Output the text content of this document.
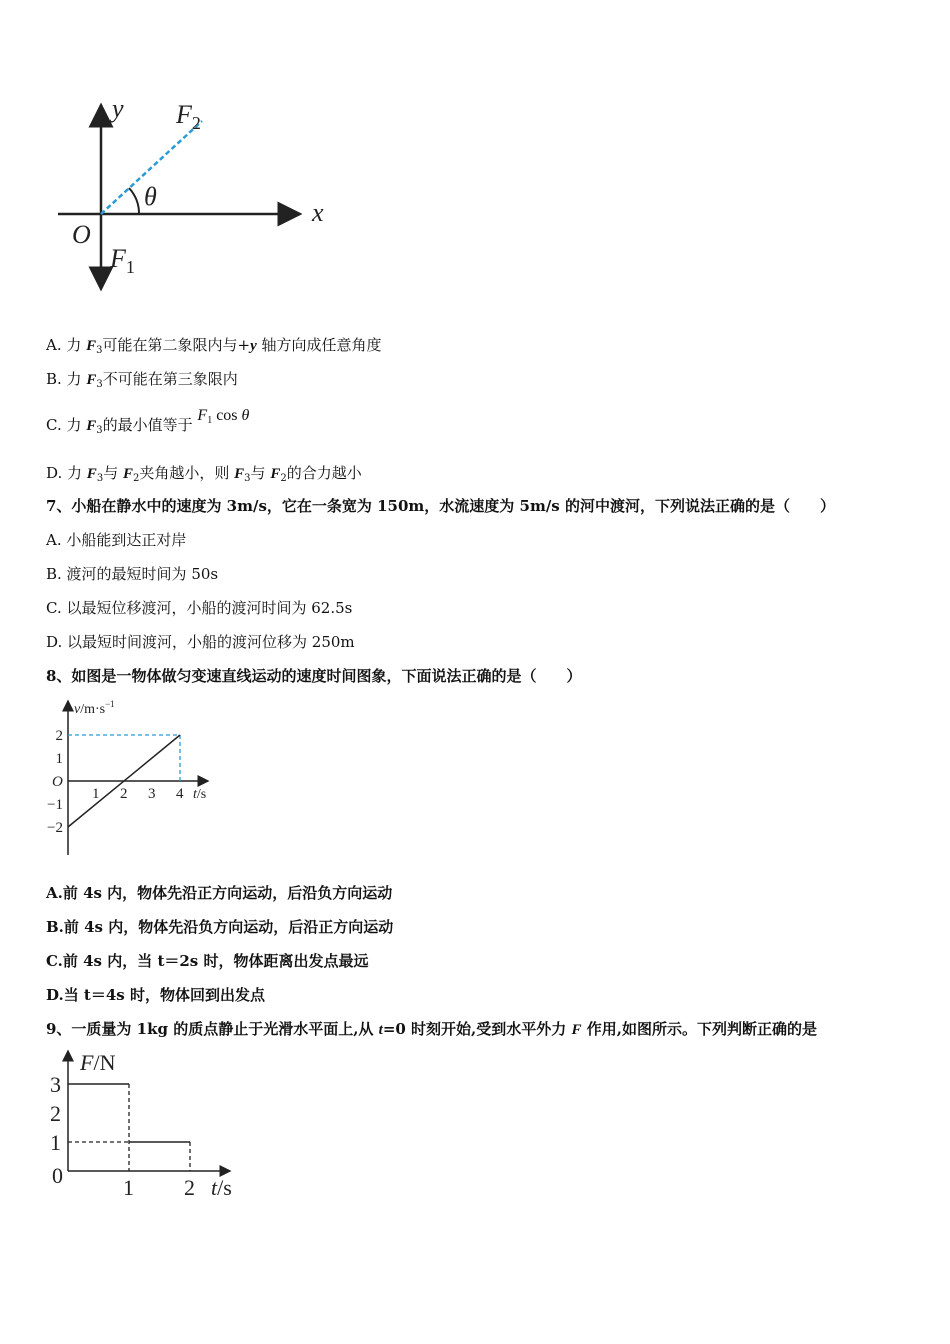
y
x
O
$F_2$
$F_1$
θ
A. 力 $F_3$可能在第二象限内与+y 轴方向成任意角度
B. 力 $F_3$不可能在第三象限内
C. 力 $F_3$的最小值等于 $F_1$ cos θ
D. 力 $F_3$与 $F_2$夹角越小，则 $F_3$与 $F_2$的合力越小
7、小船在静水中的速度为 3m/s，它在一条宽为 150m，水流速度为 5m/s 的河中渡河，下列说法正确的是（　　）
A. 小船能到达正对岸
B. 渡河的最短时间为 50s
C. 以最短位移渡河，小船的渡河时间为 62.5s
D. 以最短时间渡河，小船的渡河位移为 250m
8、如图是一物体做匀变速直线运动的速度时间图象，下面说法正确的是（　　）
$v/m\cdot s^{-1}$
t/s
O
1 2 3 4
2
1
−1
−2
A.前 4s 内，物体先沿正方向运动，后沿负方向运动
B.前 4s 内，物体先沿负方向运动，后沿正方向运动
C.前 4s 内，当 t＝2s 时，物体距离出发点最远
D.当 t＝4s 时，物体回到出发点
9、一质量为 1kg 的质点静止于光滑水平面上,从 t=0 时刻开始,受到水平外力 F 作用,如图所示。下列判断正确的是
F/N
t/s
0	1 2
3
2
1
